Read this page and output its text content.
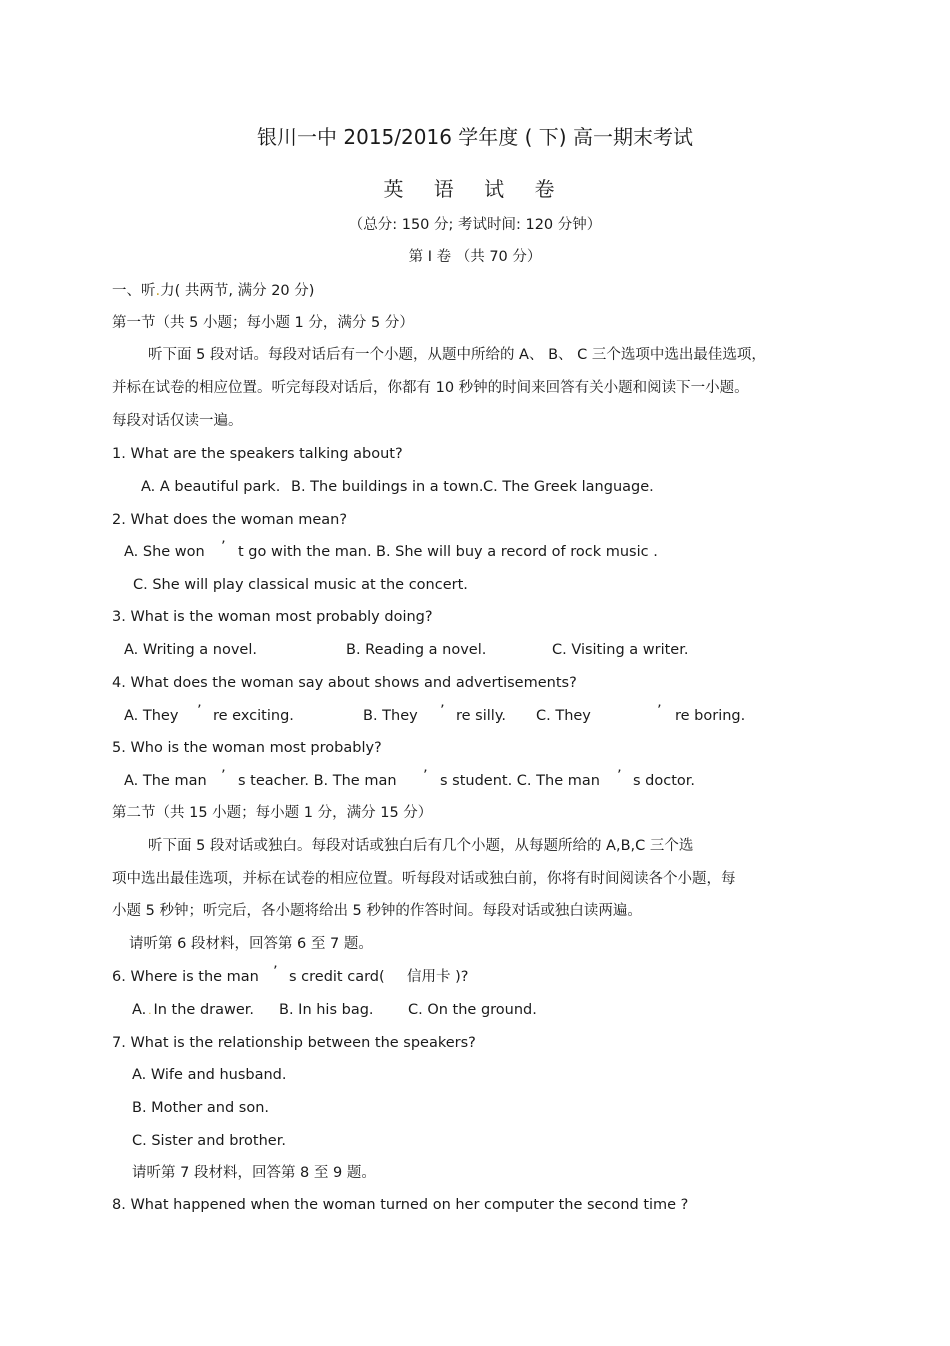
银川一中 2015/2016 学年度 ( 下) 高一期末考试
英 语 试 卷
（总分: 150 分; 考试时间: 120 分钟）
第 I 卷 （共 70 分）
一、听.力( 共两节, 满分 20 分)
第一节（共 5 小题；每小题 1 分，满分 5 分）
听下面 5 段对话。每段对话后有一个小题，从题中所给的 A、 B、 C 三个选项中选出最佳选项，
并标在试卷的相应位置。听完每段对话后，你都有 10 秒钟的时间来回答有关小题和阅读下一小题。
每段对话仅读一遍。
1. What are the speakers talking about?
A. A beautiful park. B. The buildings in a town. C. The Greek language.
2. What does the woman mean?
A. She won ’ t go with the man. B. She will buy a record of rock music .
C. She will play classical music at the concert.
3. What is the woman most probably doing?
A. Writing a novel.	B. Reading a novel.	C. Visiting a writer.
4. What does the woman say about shows and advertisements?
A. They ’ re exciting.	B. They ’ re silly. C. They	’ re boring.
5. Who is the woman most probably?
A. The man ’ s teacher. B. The man ’ s student. C. The man ’ s doctor.
第二节（共 15 小题；每小题 1 分，满分 15 分）
听下面 5 段对话或独白。每段对话或独白后有几个小题，从每题所给的 A,B,C 三个选
项中选出最佳选项，并标在试卷的相应位置。听每段对话或独白前，你将有时间阅读各个小题，每
小题 5 秒钟；听完后，各小题将给出 5 秒钟的作答时间。每段对话或独白读两遍。
请听第 6 段材料，回答第 6 至 7 题。
6. Where is the man ’ s credit card( 信用卡 )?
A. . In the drawer. B. In his bag. C. On the ground.
7. What is the relationship between the speakers?
A. Wife and husband.
B. Mother and son.
C. Sister and brother.
请听第 7 段材料，回答第 8 至 9 题。
8. What happened when the woman turned on her computer the second time ?
